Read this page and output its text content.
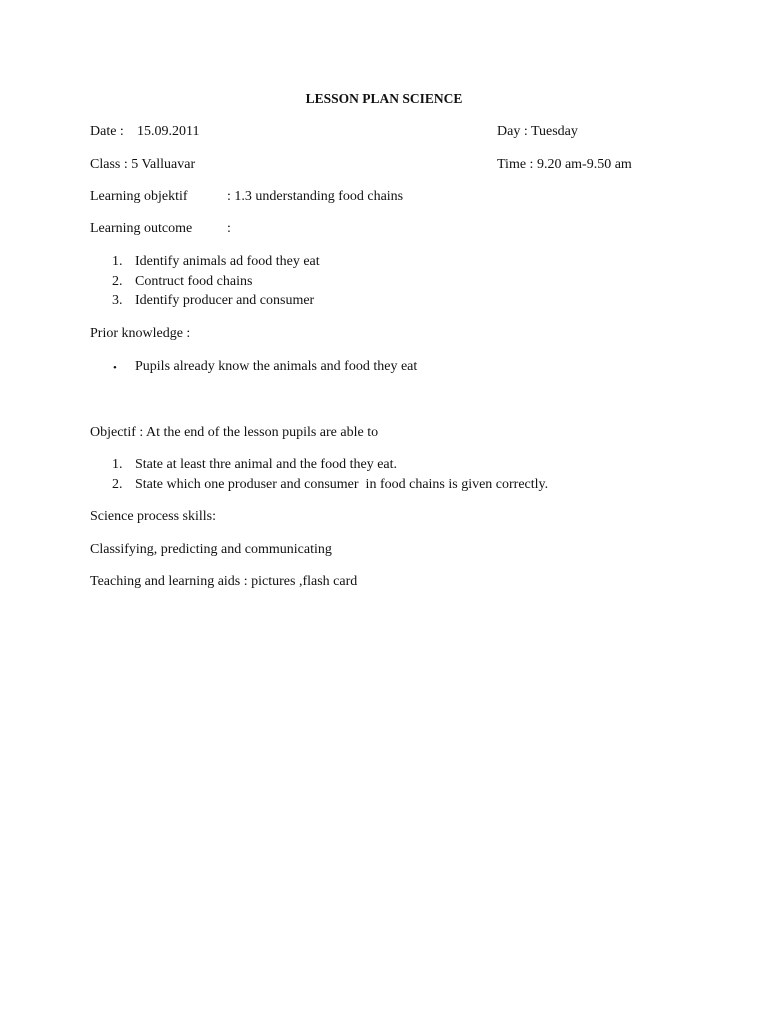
LESSON PLAN SCIENCE
Date : 15.09.2011	Day : Tuesday
Class : 5 Valluavar	Time : 9.20 am-9.50 am
Learning objektif	: 1.3 understanding food chains
Learning outcome :
1. Identify animals ad food they eat
2. Contruct food chains
3. Identify producer and consumer
Prior knowledge :
• Pupils already know the animals and food they eat
Objectif : At the end of the lesson pupils are able to
1. State at least thre animal and the food they eat.
2. State which one produser and consumer  in food chains is given correctly.
Science process skills:
Classifying, predicting and communicating
Teaching and learning aids : pictures ,flash card
